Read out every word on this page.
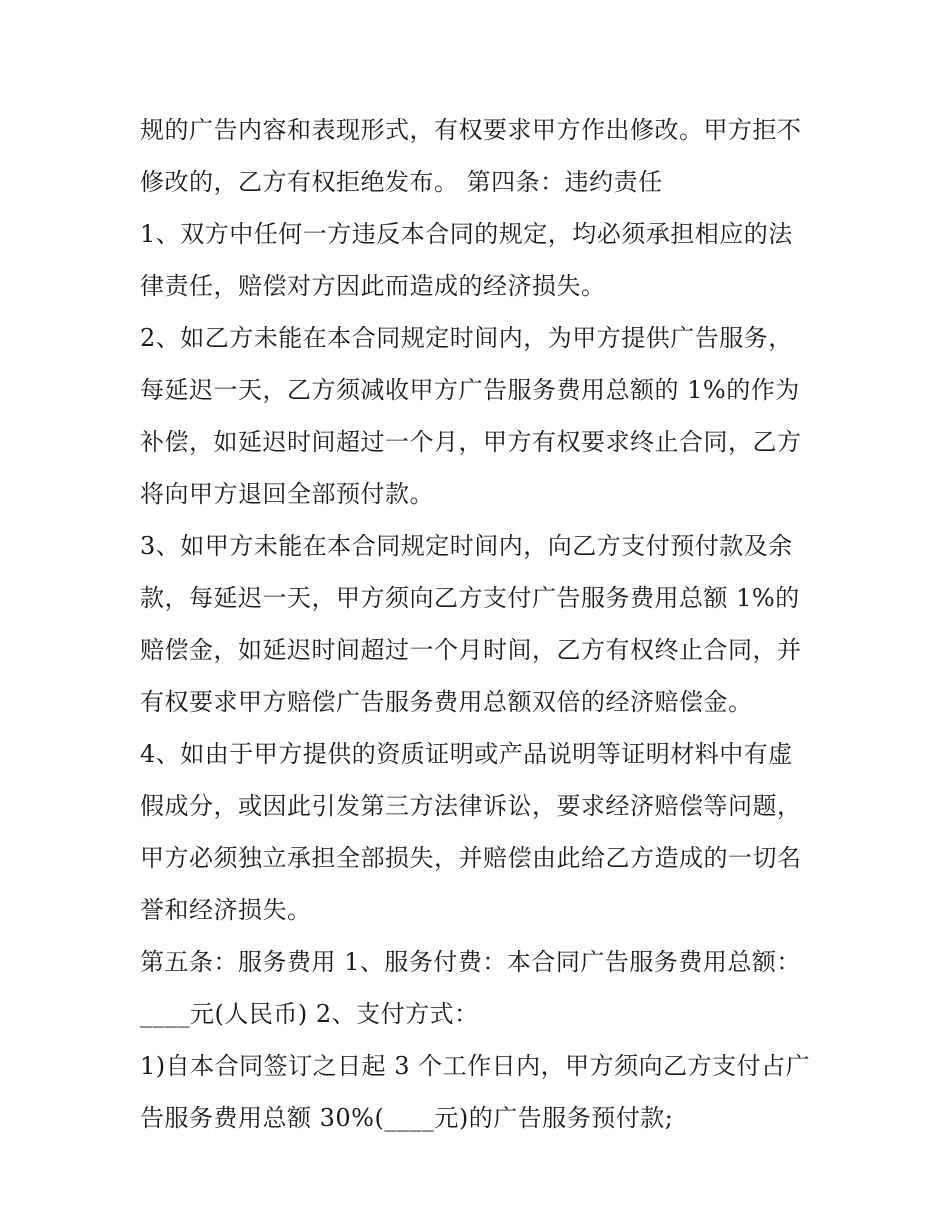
规的广告内容和表现形式，有权要求甲方作出修改。甲方拒不
修改的，乙方有权拒绝发布。 第四条：违约责任
1、双方中任何一方违反本合同的规定，均必须承担相应的法
律责任，赔偿对方因此而造成的经济损失。
2、如乙方未能在本合同规定时间内，为甲方提供广告服务，
每延迟一天，乙方须减收甲方广告服务费用总额的 1%的作为
补偿，如延迟时间超过一个月，甲方有权要求终止合同，乙方
将向甲方退回全部预付款。
3、如甲方未能在本合同规定时间内，向乙方支付预付款及余
款，每延迟一天，甲方须向乙方支付广告服务费用总额 1%的
赔偿金，如延迟时间超过一个月时间，乙方有权终止合同，并
有权要求甲方赔偿广告服务费用总额双倍的经济赔偿金。
4、如由于甲方提供的资质证明或产品说明等证明材料中有虚
假成分，或因此引发第三方法律诉讼，要求经济赔偿等问题，
甲方必须独立承担全部损失，并赔偿由此给乙方造成的一切名
誉和经济损失。
第五条：服务费用 1、服务付费：本合同广告服务费用总额：
____元(人民币) 2、支付方式：
1)自本合同签订之日起 3 个工作日内，甲方须向乙方支付占广
告服务费用总额 30%(____元)的广告服务预付款;
